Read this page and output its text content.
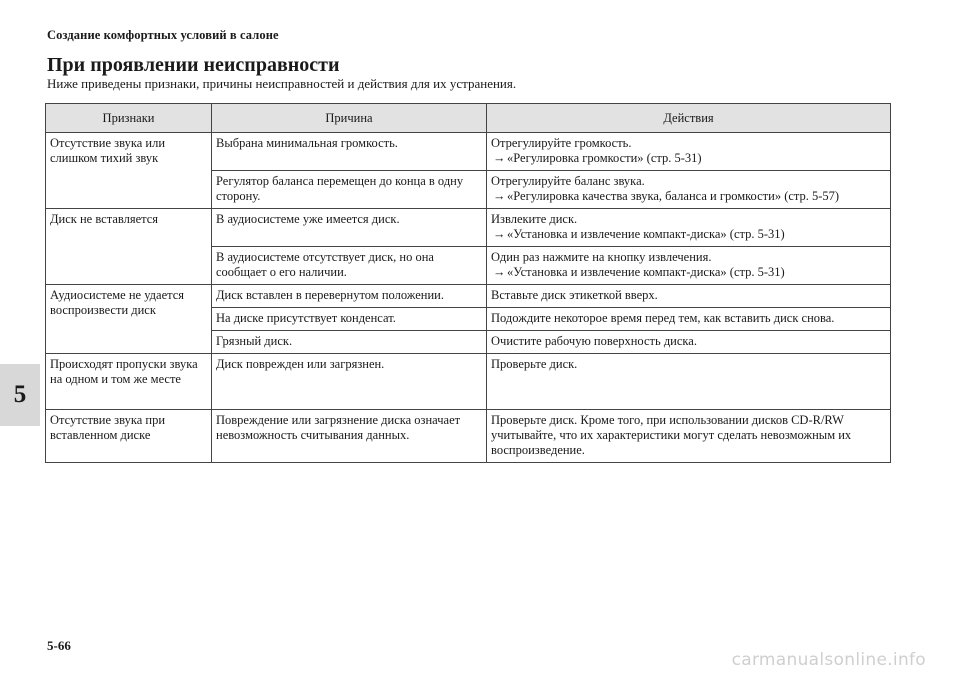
Создание комфортных условий в салоне
При проявлении неисправности
Ниже приведены признаки, причины неисправностей и действия для их устранения.
5
Признаки	Причина	Действия
Отсутствие звука или слишком тихий звук	Выбрана минимальная громкость.	Отрегулируйте громкость.
→ «Регулировка громкости» (стр. 5-31)

	Регулятор баланса перемещен до конца в одну сторону.	Отрегулируйте баланс звука.
→ «Регулировка качества звука, баланса и громкости» (стр. 5-57)

Диск не вставляется	В аудиосистеме уже имеется диск.	Извлеките диск.
→ «Установка и извлечение компакт-диска» (стр. 5-31)

	В аудиосистеме отсутствует диск, но она сообщает о его наличии.	Один раз нажмите на кнопку извлечения.
→ «Установка и извлечение компакт-диска» (стр. 5-31)

Аудиосистеме не удается воспроизвести диск	Диск вставлен в перевернутом положении.	Вставьте диск этикеткой вверх.
	На диске присутствует конденсат.	Подождите некоторое время перед тем, как вставить диск снова.
	Грязный диск.	Очистите рабочую поверхность диска.
Происходят пропуски звука на одном и том же месте	Диск поврежден или загрязнен.	Проверьте диск.
Отсутствие звука при вставленном диске	Повреждение или загрязнение диска означает невозможность считывания данных.	Проверьте диск. Кроме того, при использовании дисков CD-R/RW учитывайте, что их характеристики могут сделать невозможным их воспроизведение.
5-66
carmanualsonline.info
